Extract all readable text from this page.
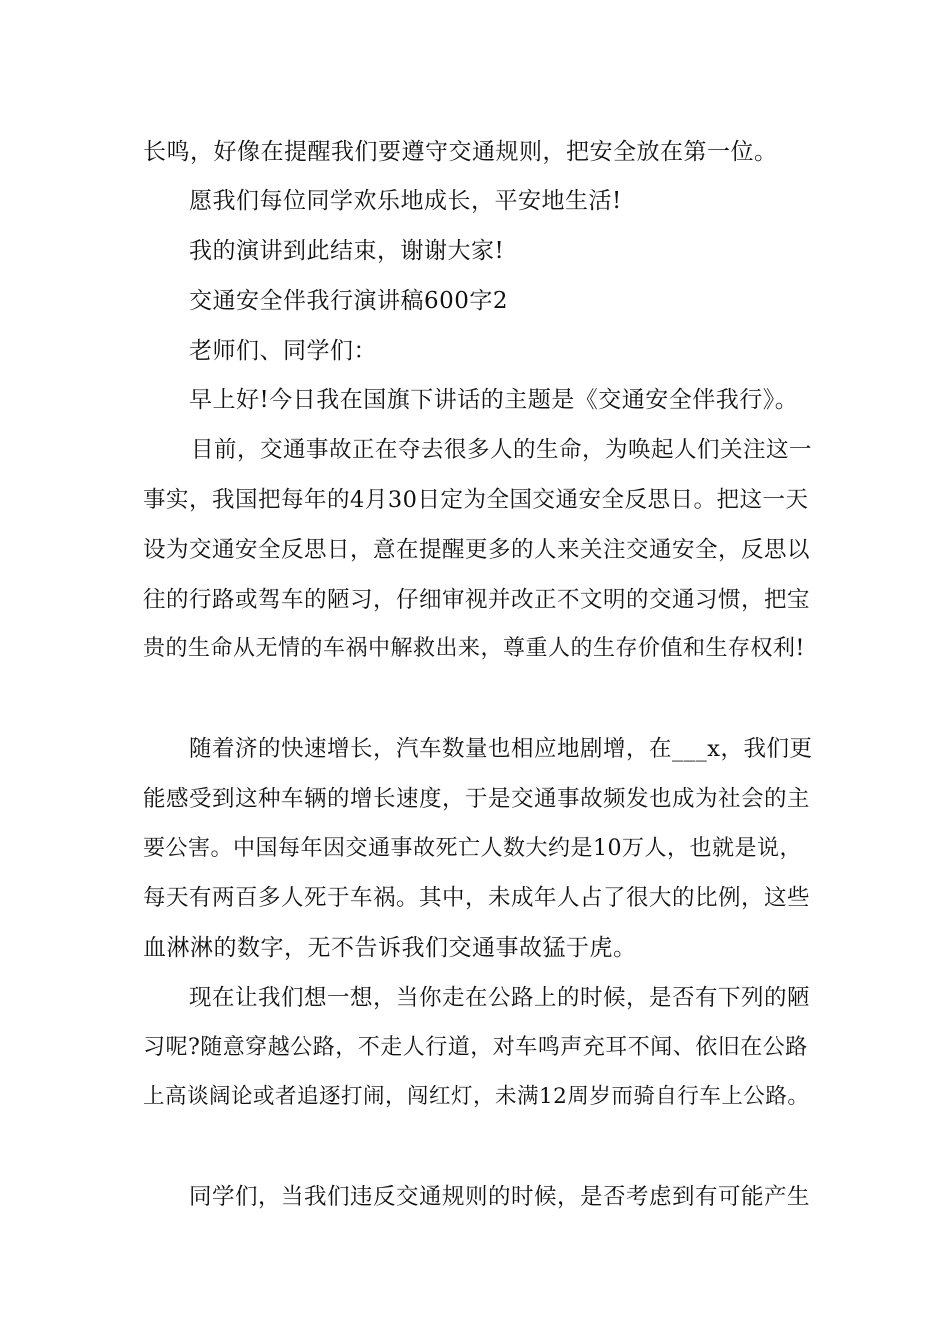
长鸣，好像在提醒我们要遵守交通规则，把安全放在第一位。
愿我们每位同学欢乐地成长，平安地生活!
我的演讲到此结束，谢谢大家!
交通安全伴我行演讲稿600字2
老师们、同学们：
早上好!今日我在国旗下讲话的主题是《交通安全伴我行》。
目前，交通事故正在夺去很多人的生命，为唤起人们关注这一
事实，我国把每年的4月30日定为全国交通安全反思日。把这一天
设为交通安全反思日，意在提醒更多的人来关注交通安全，反思以
往的行路或驾车的陋习，仔细审视并改正不文明的交通习惯，把宝
贵的生命从无情的车祸中解救出来，尊重人的生存价值和生存权利!
随着济的快速增长，汽车数量也相应地剧增，在___x，我们更
能感受到这种车辆的增长速度，于是交通事故频发也成为社会的主
要公害。中国每年因交通事故死亡人数大约是10万人，也就是说，
每天有两百多人死于车祸。其中，未成年人占了很大的比例，这些
血淋淋的数字，无不告诉我们交通事故猛于虎。
现在让我们想一想，当你走在公路上的时候，是否有下列的陋
习呢?随意穿越公路，不走人行道，对车鸣声充耳不闻、依旧在公路
上高谈阔论或者追逐打闹，闯红灯，未满12周岁而骑自行车上公路。
同学们，当我们违反交通规则的时候，是否考虑到有可能产生
